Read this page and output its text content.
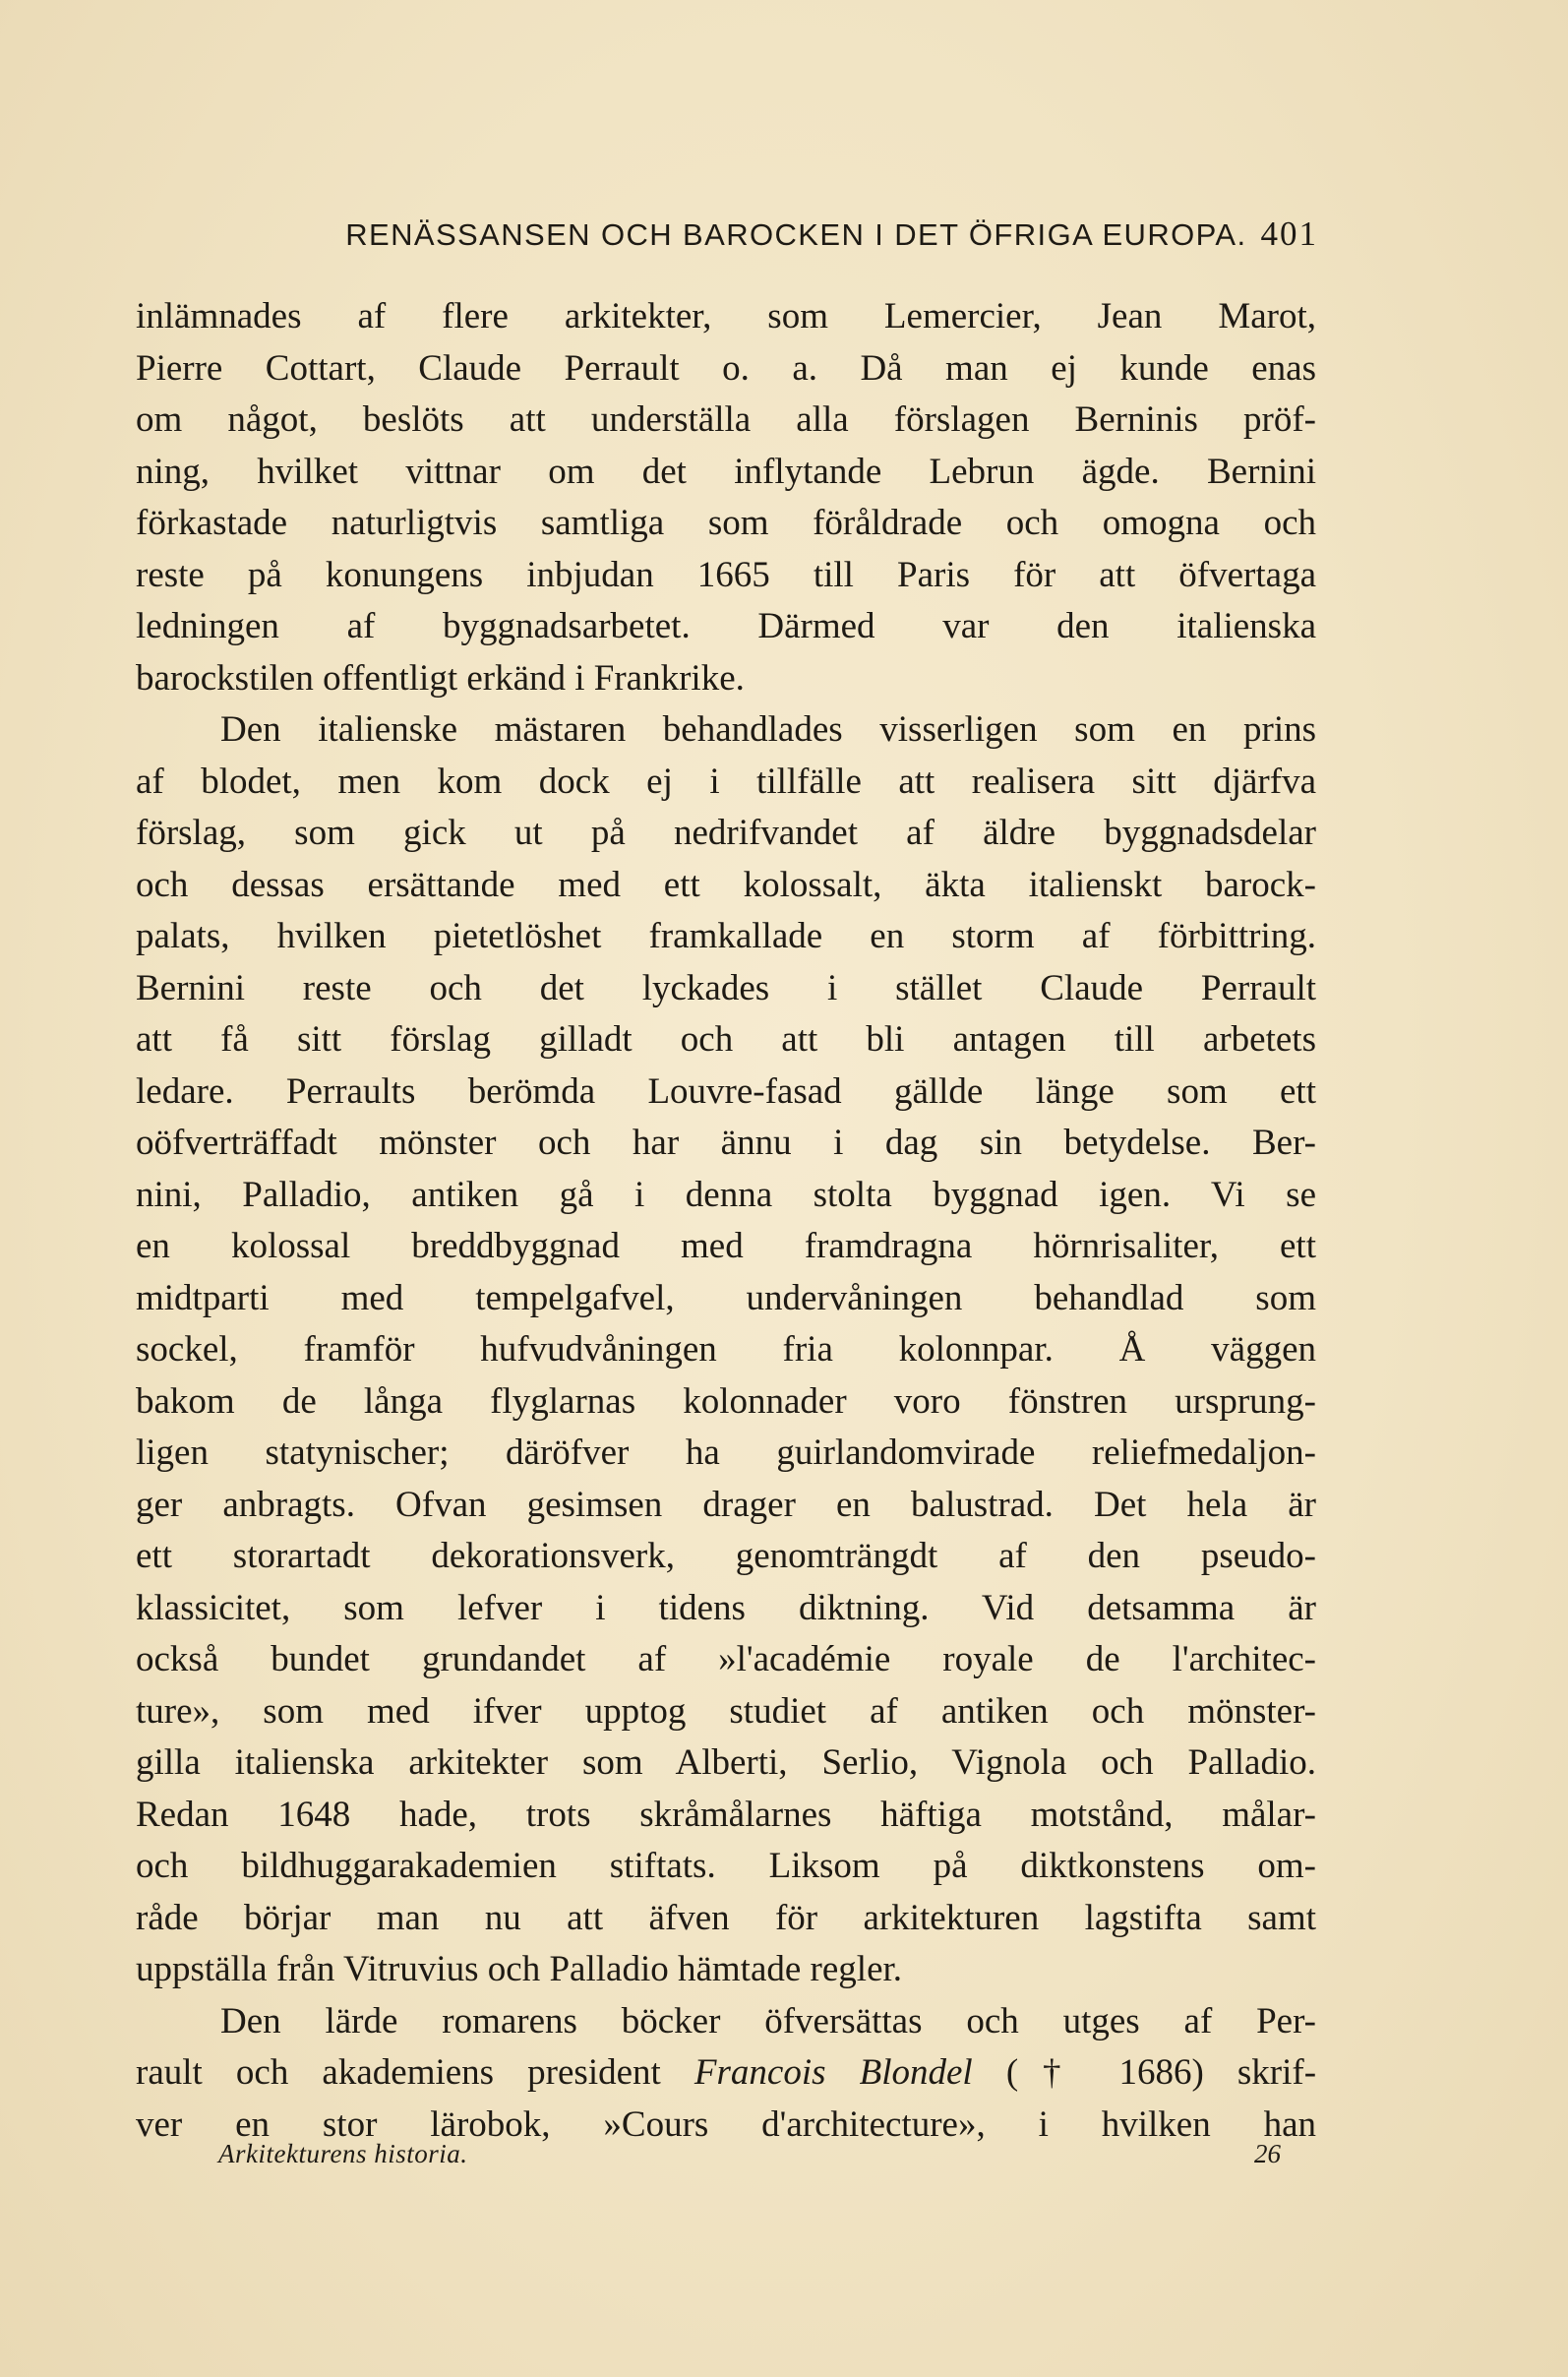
RENÄSSANSEN OCH BAROCKEN I DET ÖFRIGA EUROPA. 401
inlämnades af flere arkitekter, som Lemercier, Jean Marot,
Pierre Cottart, Claude Perrault o. a. Då man ej kunde enas
om något, beslöts att underställa alla förslagen Berninis pröf-
ning, hvilket vittnar om det inflytande Lebrun ägde. Bernini
förkastade naturligtvis samtliga som föråldrade och omogna och
reste på konungens inbjudan 1665 till Paris för att öfvertaga
ledningen af byggnadsarbetet. Därmed var den italienska
barockstilen offentligt erkänd i Frankrike.
Den italienske mästaren behandlades visserligen som en prins
af blodet, men kom dock ej i tillfälle att realisera sitt djärfva
förslag, som gick ut på nedrifvandet af äldre byggnadsdelar
och dessas ersättande med ett kolossalt, äkta italienskt barock-
palats, hvilken pietetlöshet framkallade en storm af förbittring.
Bernini reste och det lyckades i stället Claude Perrault
att få sitt förslag gilladt och att bli antagen till arbetets
ledare. Perraults berömda Louvre-fasad gällde länge som ett
oöfverträffadt mönster och har ännu i dag sin betydelse. Ber-
nini, Palladio, antiken gå i denna stolta byggnad igen. Vi se
en kolossal breddbyggnad med framdragna hörnrisaliter, ett
midtparti med tempelgafvel, undervåningen behandlad som
sockel, framför hufvudvåningen fria kolonnpar. Å väggen
bakom de långa flyglarnas kolonnader voro fönstren ursprung-
ligen statynischer; däröfver ha guirlandomvirade reliefmedaljon-
ger anbragts. Ofvan gesimsen drager en balustrad. Det hela är
ett storartadt dekorationsverk, genomträngdt af den pseudo-
klassicitet, som lefver i tidens diktning. Vid detsamma är
också bundet grundandet af »l'académie royale de l'architec-
ture», som med ifver upptog studiet af antiken och mönster-
gilla italienska arkitekter som Alberti, Serlio, Vignola och Palladio.
Redan 1648 hade, trots skråmålarnes häftiga motstånd, målar-
och bildhuggarakademien stiftats. Liksom på diktkonstens om-
råde börjar man nu att äfven för arkitekturen lagstifta samt
uppställa från Vitruvius och Palladio hämtade regler.
Den lärde romarens böcker öfversättas och utges af Per-
rault och akademiens president Francois Blondel († 1686) skrif-
ver en stor lärobok, »Cours d'architecture», i hvilken han
Arkitekturens historia.	26
